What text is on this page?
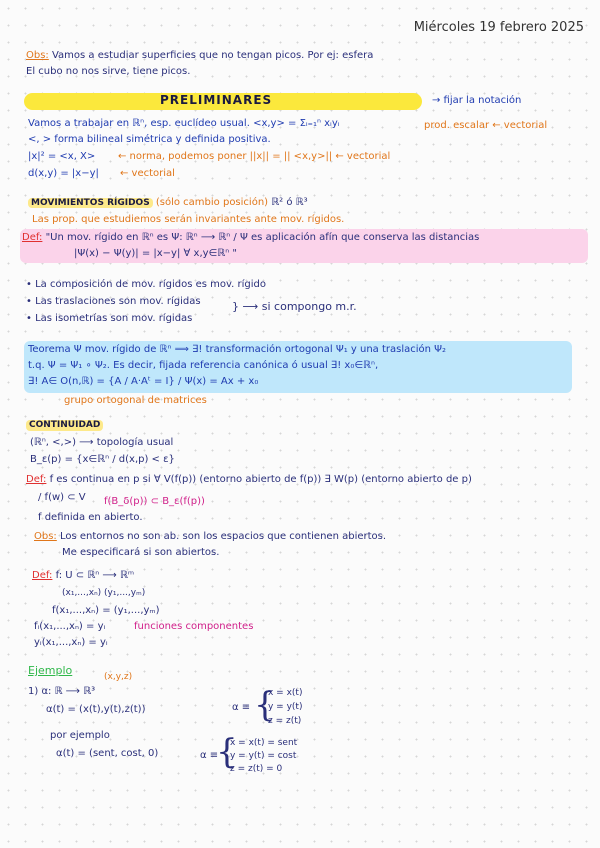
Miércoles 19 febrero 2025
Obs: Vamos a estudiar superficies que no tengan picos. Por ej: esfera
El cubo no nos sirve, tiene picos.
PRELIMINARES	→ fijar la notación
Vamos a trabajar en ℝⁿ, esp. euclídeo usual. <x,y> = Σᵢ₌₁ⁿ xᵢyᵢ	prod. escalar ← vectorial
<, > forma bilineal simétrica y definida positiva.
|x|² = <x, X> ← norma, podemos poner ||x|| = || <x,y>|| ← vectorial
d(x,y) = |x−y| ← vectorial
MOVIMIENTOS RÍGIDOS (sólo cambio posición) ℝ² ó ℝ³
Las prop. que estudiemos serán invariantes ante mov. rígidos.
Def: "Un mov. rígido en ℝⁿ es Ψ: ℝⁿ ⟶ ℝⁿ / Ψ es aplicación afín que conserva las distancias
|Ψ(x) − Ψ(y)| = |x−y| ∀ x,y∈ℝⁿ "
• La composición de mov. rígidos es mov. rígido
• Las traslaciones son mov. rígidas
• Las isometrías son mov. rígidas
} ⟶ si compongo m.r.
Teorema Ψ mov. rígido de ℝⁿ ⟹ ∃! transformación ortogonal Ψ₁ y una traslación Ψ₂
t.q. Ψ = Ψ₁ ∘ Ψ₂. Es decir, fijada referencia canónica ó usual ∃! x₀∈ℝⁿ,
∃! A∈ O(n,ℝ) = {A / A·Aᵗ = I} / Ψ(x) = Ax + x₀
grupo ortogonal de matrices
CONTINUIDAD
(ℝⁿ, <,>) ⟶ topología usual
B_ε(p) = {x∈ℝⁿ / d(x,p) < ε}
Def: f es continua en p si ∀ V(f(p)) (entorno abierto de f(p)) ∃ W(p) (entorno abierto de p)
/ f(w) ⊂ V f(B_δ(p)) ⊂ B_ε(f(p))
f definida en abierto.
Obs: Los entornos no son ab. son los espacios que contienen abiertos.
Me especificará si son abiertos.
Def: f: U ⊂ ℝⁿ ⟶ ℝᵐ
(x₁,...,xₙ) (y₁,...,yₘ)
f(x₁,...,xₙ) = (y₁,...,yₘ)
fᵢ(x₁,...,xₙ) = yᵢ	funciones componentes
yᵢ(x₁,...,xₙ) = yᵢ
Ejemplo	(x,y,z)
1) α: ℝ ⟶ ℝ³
α(t) = (x(t),y(t),z(t))	α ≡ {
x = x(t)
y = y(t)
z = z(t)
por ejemplo
α(t) = (sent, cost, 0)	α ≡
{
x = x(t) = sent
y = y(t) = cost
z = z(t) = 0
